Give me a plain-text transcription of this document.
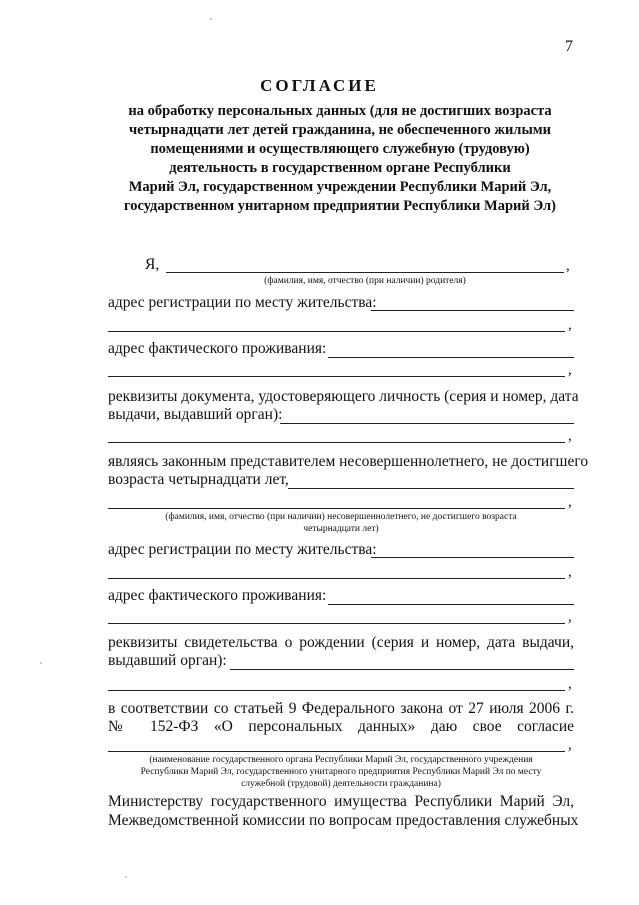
7
СОГЛАСИЕ
на обработку персональных данных (для не достигших возраста
четырнадцати лет детей гражданина, не обеспеченного жилыми
помещениями и осуществляющего служебную (трудовую)
деятельность в государственном органе Республики
Марий Эл, государственном учреждении Республики Марий Эл,
государственном унитарном предприятии Республики Марий Эл)
Я,	,
(фамилия, имя, отчество (при наличии) родителя)
адрес регистрации по месту жительства:
,
адрес фактического проживания:
,
реквизиты документа, удостоверяющего личность (серия и номер, дата
выдачи, выдавший орган):
,
являясь законным представителем несовершеннолетнего, не достигшего
возраста четырнадцати лет,
,
(фамилия, имя, отчество (при наличии) несовершеннолетнего, не достигшего возраста
четырнадцати лет)
адрес регистрации по месту жительства:
,
адрес фактического проживания:
,
реквизиты свидетельства о рождении (серия и номер, дата выдачи,
выдавший орган):
,
в соответствии со статьей 9 Федерального закона от 27 июля 2006 г.
№ 152-ФЗ «О персональных данных» даю свое согласие
,
(наименование государственного органа Республики Марий Эл, государственного учреждения
Республики Марий Эл, государственного унитарного предприятия Республики Марий Эл по месту
служебной (трудовой) деятельности гражданина)
Министерству государственного имущества Республики Марий Эл,
Межведомственной комиссии по вопросам предоставления служебных
